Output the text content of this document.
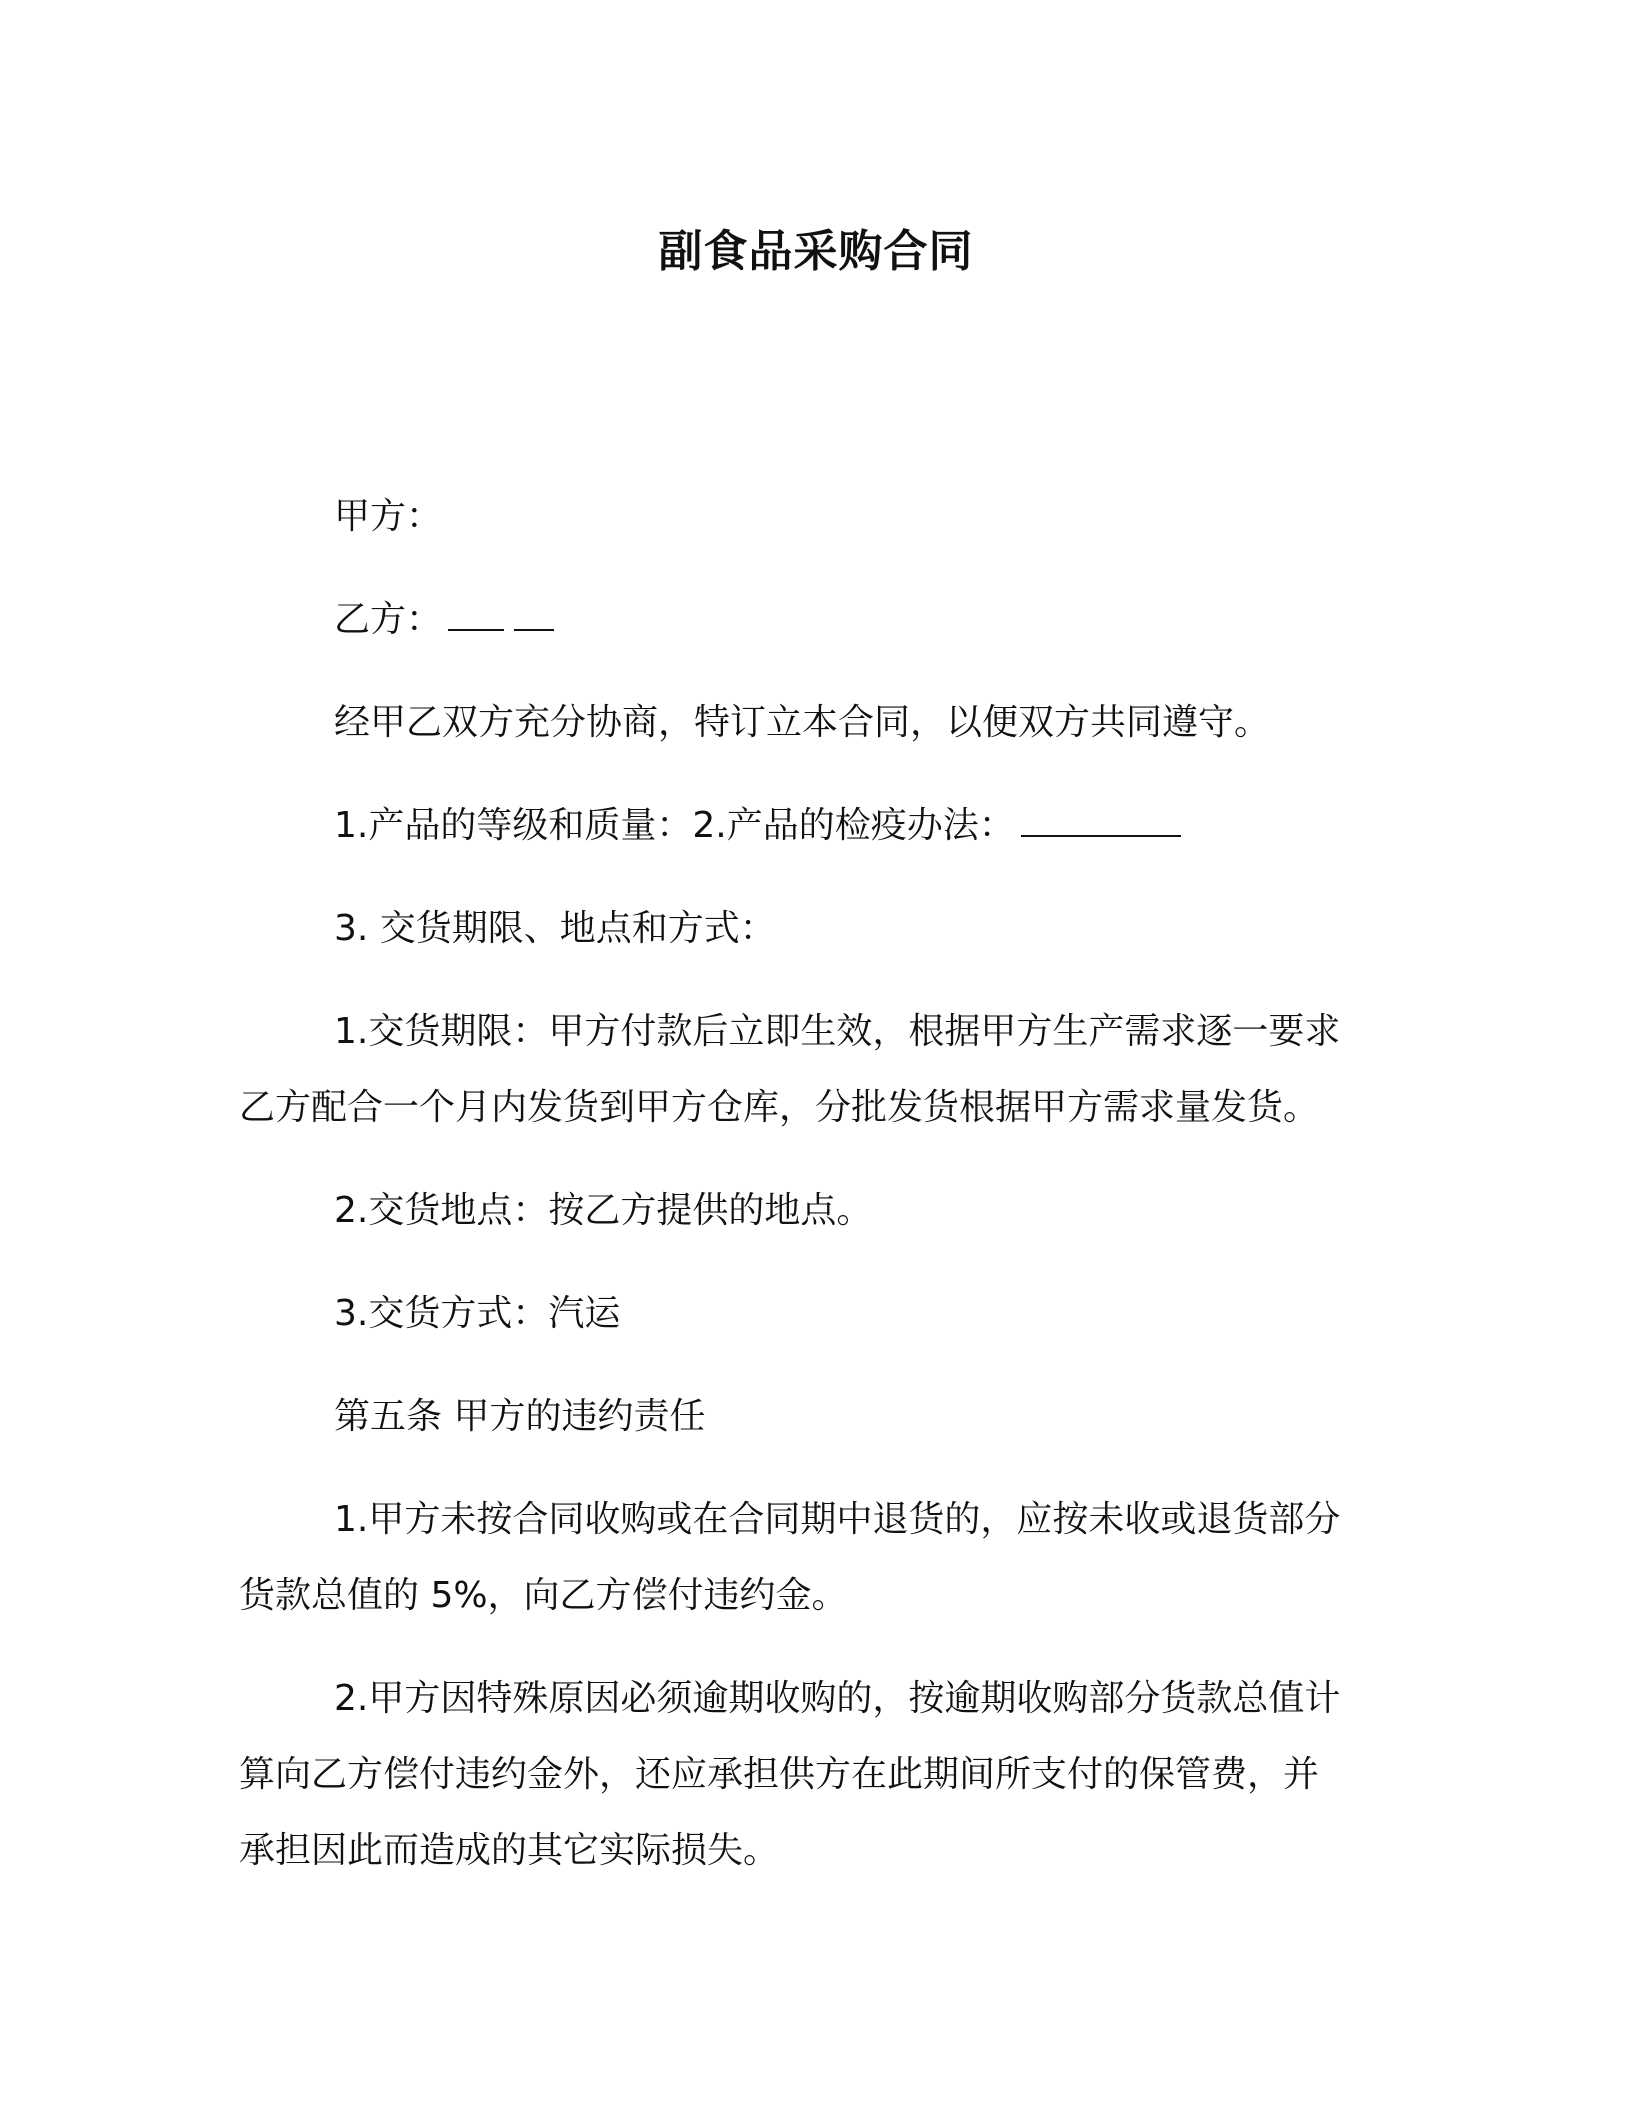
副食品采购合同
甲方：
乙方：
经甲乙双方充分协商，特订立本合同，以便双方共同遵守。
1.产品的等级和质量：2.产品的检疫办法：
3. 交货期限、地点和方式：
1.交货期限：甲方付款后立即生效，根据甲方生产需求逐一要求
乙方配合一个月内发货到甲方仓库，分批发货根据甲方需求量发货。
2.交货地点：按乙方提供的地点。
3.交货方式：汽运
第五条 甲方的违约责任
1.甲方未按合同收购或在合同期中退货的，应按未收或退货部分
货款总值的 5%，向乙方偿付违约金。
2.甲方因特殊原因必须逾期收购的，按逾期收购部分货款总值计
算向乙方偿付违约金外，还应承担供方在此期间所支付的保管费，并
承担因此而造成的其它实际损失。
